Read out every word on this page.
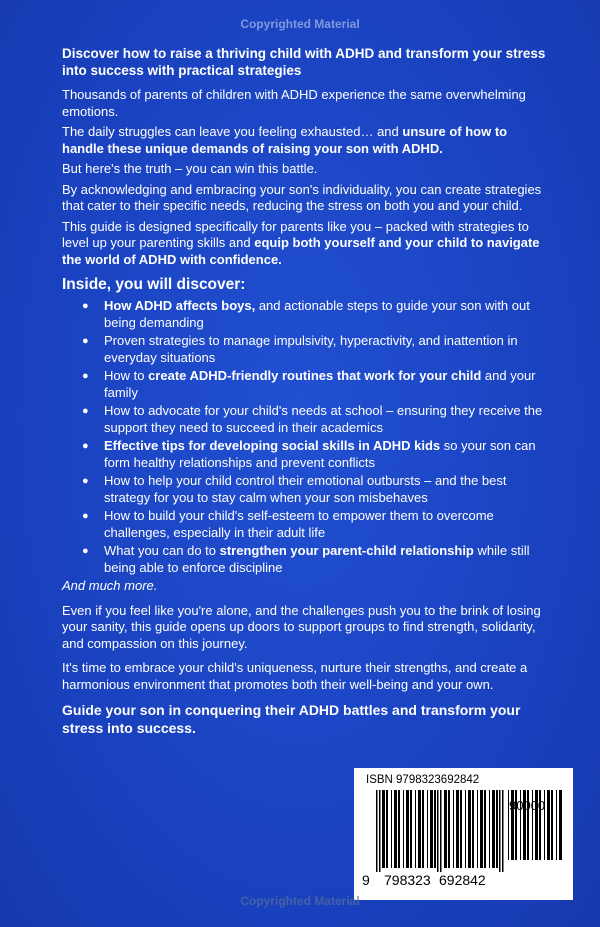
Copyrighted Material

Discover how to raise a thriving child with ADHD and transform your stress into success with practical strategies

Thousands of parents of children with ADHD experience the same overwhelming emotions.

The daily struggles can leave you feeling exhausted… and unsure of how to handle these unique demands of raising your son with ADHD.

But here's the truth – you can win this battle.

By acknowledging and embracing your son's individuality, you can create strategies that cater to their specific needs, reducing the stress on both you and your child.

This guide is designed specifically for parents like you – packed with strategies to level up your parenting skills and equip both yourself and your child to navigate the world of ADHD with confidence.

Inside, you will discover:
● How ADHD affects boys, and actionable steps to guide your son with out being demanding
● Proven strategies to manage impulsivity, hyperactivity, and inattention in everyday situations
● How to create ADHD-friendly routines that work for your child and your family
● How to advocate for your child's needs at school – ensuring they receive the support they need to succeed in their academics
● Effective tips for developing social skills in ADHD kids so your son can form healthy relationships and prevent conflicts
● How to help your child control their emotional outbursts – and the best strategy for you to stay calm when your son misbehaves
● How to build your child's self-esteem to empower them to overcome challenges, especially in their adult life
● What you can do to strengthen your parent-child relationship while still being able to enforce discipline

And much more.

Even if you feel like you're alone, and the challenges push you to the brink of losing your sanity, this guide opens up doors to support groups to find strength, solidarity, and compassion on this journey.

It's time to embrace your child's uniqueness, nurture their strengths, and create a harmonious environment that promotes both their well-being and your own.

Guide your son in conquering their ADHD battles and transform your stress into success.

ISBN 9798323692842
90000
9 798323 692842
Copyrighted Material
